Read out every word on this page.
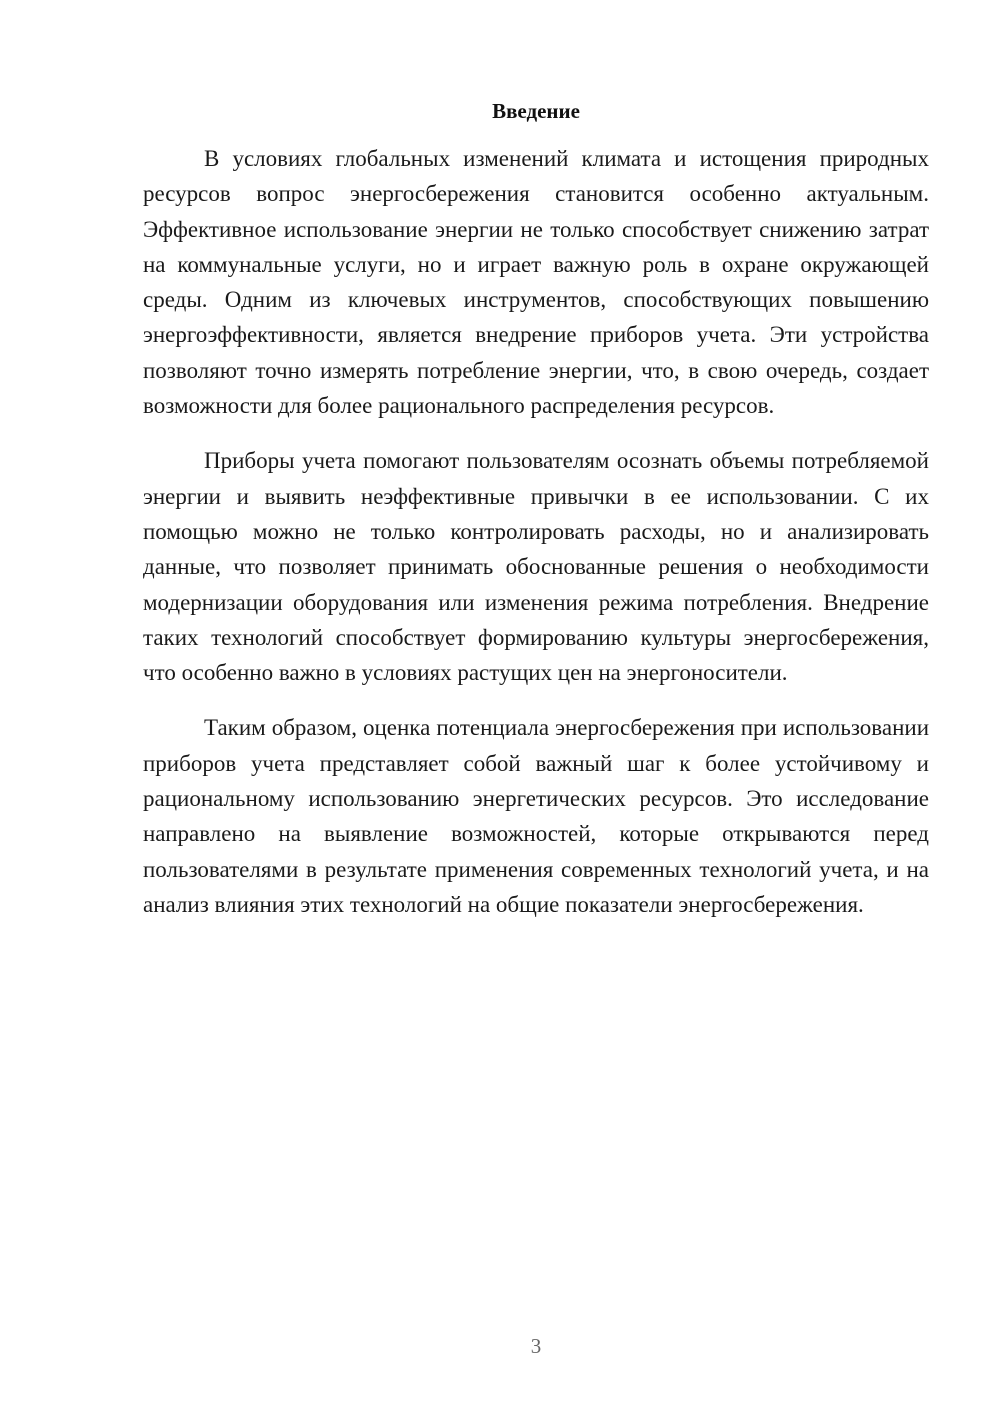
Введение

В условиях глобальных изменений климата и истощения природных ресурсов вопрос энергосбережения становится особенно актуальным. Эффективное использование энергии не только способствует снижению затрат на коммунальные услуги, но и играет важную роль в охране окружающей среды. Одним из ключевых инструментов, способствующих повышению энергоэффективности, является внедрение приборов учета. Эти устройства позволяют точно измерять потребление энергии, что, в свою очередь, создает возможности для более рационального распределения ресурсов.

Приборы учета помогают пользователям осознать объемы потребляемой энергии и выявить неэффективные привычки в ее использовании. С их помощью можно не только контролировать расходы, но и анализировать данные, что позволяет принимать обоснованные решения о необходимости модернизации оборудования или изменения режима потребления. Внедрение таких технологий способствует формированию культуры энергосбережения, что особенно важно в условиях растущих цен на энергоносители.

Таким образом, оценка потенциала энергосбережения при использовании приборов учета представляет собой важный шаг к более устойчивому и рациональному использованию энергетических ресурсов. Это исследование направлено на выявление возможностей, которые открываются перед пользователями в результате применения современных технологий учета, и на анализ влияния этих технологий на общие показатели энергосбережения.

3
